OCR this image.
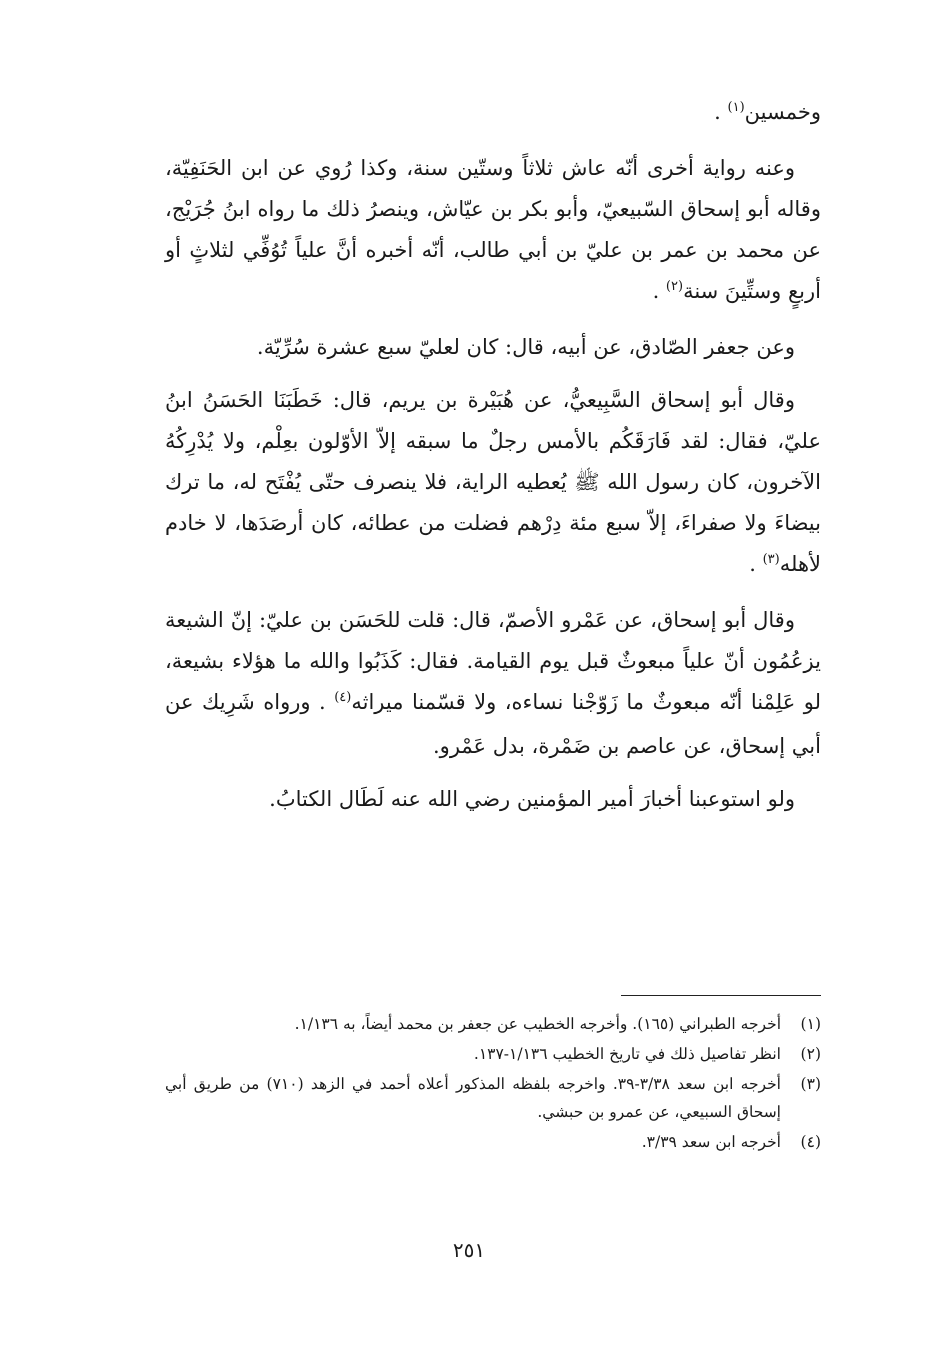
وخمسين$^{(١)}$ .

وعنه رواية أخرى أنّه عاش ثلاثاً وستّين سنة، وكذا رُوي عن ابن الحَنَفِيّة، وقاله أبو إسحاق السّبيعيّ، وأبو بكر بن عيّاش، وينصرُ ذلك ما رواه ابنُ جُرَيْج، عن محمد بن عمر بن عليّ بن أبي طالب، أنّه أخبره أنَّ علياً تُوُفِّي لثلاثٍ أو أربعٍ وستِّينَ سنة$^{(٢)}$ .

وعن جعفر الصّادق، عن أبيه، قال: كان لعليّ سبع عشرة سُرِّيّة.

وقال أبو إسحاق السَّبِيعيُّ، عن هُبَيْرة بن يريم، قال: خَطَبَنَا الحَسَنُ ابنُ عليّ، فقال: لقد فَارَقَكُم بالأمس رجلٌ ما سبقه إلاّ الأوّلون بعِلْم، ولا يُدْرِكُهُ الآخرون، كان رسول الله ﷺ يُعطيه الراية، فلا ينصرف حتّى يُفْتَح له، ما ترك بيضاءَ ولا صفراءَ، إلاّ سبع مئة دِرْهم فضلت من عطائه، كان أرصَدَها، لا خادم لأهله$^{(٣)}$ .

وقال أبو إسحاق، عن عَمْرو الأصمّ، قال: قلت للحَسَن بن عليّ: إنّ الشيعة يزعُمُون أنّ علياً مبعوثٌ قبل يوم القيامة. فقال: كَذَبُوا والله ما هؤلاء بشيعة، لو عَلِمْنا أنّه مبعوثٌ ما زَوّجْنا نساءه، ولا قسّمنا ميراثه$^{(٤)}$ . ورواه شَرِيك عن أبي إسحاق، عن عاصم بن ضَمْرة، بدل عَمْرو.

ولو استوعبنا أخبارَ أمير المؤمنين رضي الله عنه لَطَال الكتابُ.

(١)
أخرجه الطبراني (١٦٥). وأخرجه الخطيب عن جعفر بن محمد أيضاً، به ١/١٣٦.
(٢)
انظر تفاصيل ذلك في تاريخ الخطيب ١/١٣٦-١٣٧.
(٣)
أخرجه ابن سعد ٣/٣٨-٣٩. واخرجه بلفظه المذكور أعلاه أحمد في الزهد (٧١٠) من طريق أبي إسحاق السبيعي، عن عمرو بن حبشي.
(٤)
أخرجه ابن سعد ٣/٣٩.
٢٥١
